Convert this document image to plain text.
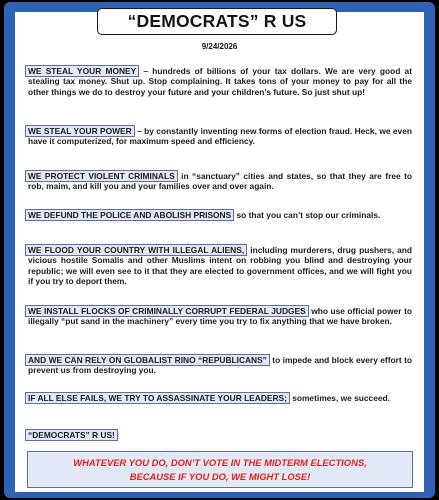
“DEMOCRATS” R US
9/24/2026
WE STEAL YOUR MONEY – hundreds of billions of your tax dollars. We are very good at stealing tax money. Shut up. Stop complaining. It takes tons of your money to pay for all the other things we do to destroy your future and your children’s future. So just shut up!
WE STEAL YOUR POWER – by constantly inventing new forms of election fraud. Heck, we even have it computerized, for maximum speed and efficiency.
WE PROTECT VIOLENT CRIMINALS in “sanctuary” cities and states, so that they are free to rob, maim, and kill you and your families over and over again.
WE DEFUND THE POLICE AND ABOLISH PRISONS so that you can’t stop our criminals.
WE FLOOD YOUR COUNTRY WITH ILLEGAL ALIENS, including murderers, drug pushers, and vicious hostile Somalis and other Muslims intent on robbing you blind and destroying your republic; we will even see to it that they are elected to government offices, and we will fight you if you try to deport them.
WE INSTALL FLOCKS OF CRIMINALLY CORRUPT FEDERAL JUDGES who use official power to illegally “put sand in the machinery” every time you try to fix anything that we have broken.
AND WE CAN RELY ON GLOBALIST RINO “REPUBLICANS” to impede and block every effort to prevent us from destroying you.
IF ALL ELSE FAILS, WE TRY TO ASSASSINATE YOUR LEADERS; sometimes, we succeed.
“DEMOCRATS” R US!
WHATEVER YOU DO, DON’T VOTE IN THE MIDTERM ELECTIONS,
BECAUSE IF YOU DO, WE MIGHT LOSE!
